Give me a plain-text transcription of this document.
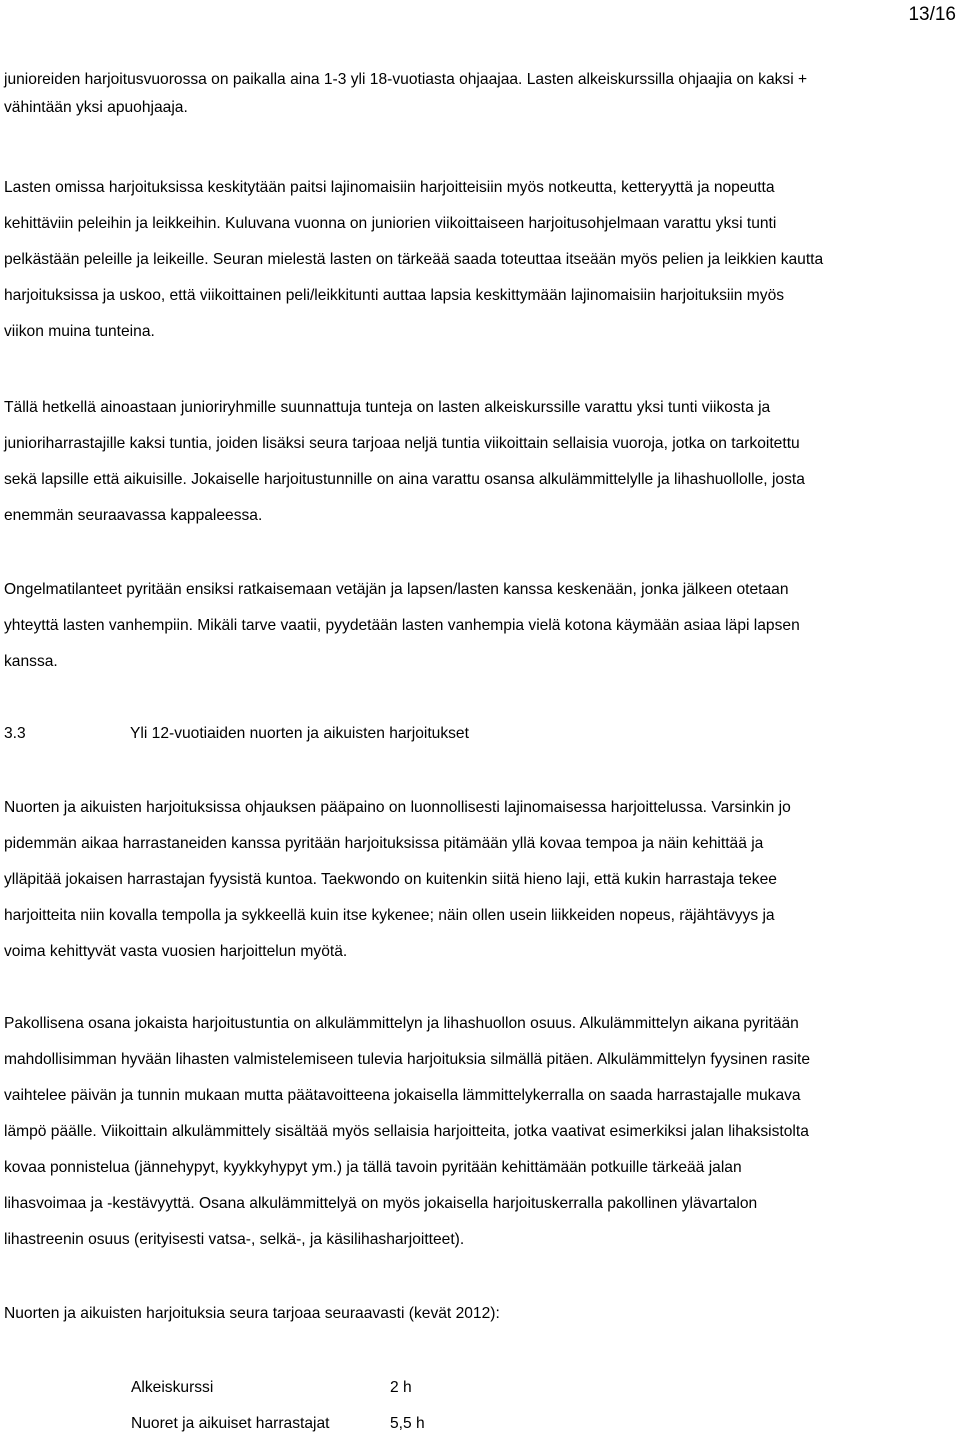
13/16

junioreiden harjoitusvuorossa on paikalla aina 1-3 yli 18-vuotiasta ohjaajaa. Lasten alkeiskurssilla ohjaajia on kaksi +
vähintään yksi apuohjaaja.

Lasten omissa harjoituksissa keskitytään paitsi lajinomaisiin harjoitteisiin myös notkeutta, ketteryyttä ja nopeutta
kehittäviin peleihin ja leikkeihin. Kuluvana vuonna on juniorien viikoittaiseen harjoitusohjelmaan varattu yksi tunti
pelkästään peleille ja leikeille. Seuran mielestä lasten on tärkeää saada toteuttaa itseään myös pelien ja leikkien kautta
harjoituksissa ja uskoo, että viikoittainen peli/leikkitunti auttaa lapsia keskittymään lajinomaisiin harjoituksiin myös
viikon muina tunteina.

Tällä hetkellä ainoastaan junioriryhmille suunnattuja tunteja on lasten alkeiskurssille varattu yksi tunti viikosta ja
junioriharrastajille kaksi tuntia, joiden lisäksi seura tarjoaa neljä tuntia viikoittain sellaisia vuoroja, jotka on tarkoitettu
sekä lapsille että aikuisille. Jokaiselle harjoitustunnille on aina varattu osansa alkulämmittelylle ja lihashuollolle, josta
enemmän seuraavassa kappaleessa.

Ongelmatilanteet pyritään ensiksi ratkaisemaan vetäjän ja lapsen/lasten kanssa keskenään, jonka jälkeen otetaan
yhteyttä lasten vanhempiin. Mikäli tarve vaatii, pyydetään lasten vanhempia vielä kotona käymään asiaa läpi lapsen
kanssa.

3.3	Yli 12-vuotiaiden nuorten ja aikuisten harjoitukset

Nuorten ja aikuisten harjoituksissa ohjauksen pääpaino on luonnollisesti lajinomaisessa harjoittelussa. Varsinkin jo
pidemmän aikaa harrastaneiden kanssa pyritään harjoituksissa pitämään yllä kovaa tempoa ja näin kehittää ja
ylläpitää jokaisen harrastajan fyysistä kuntoa. Taekwondo on kuitenkin siitä hieno laji, että kukin harrastaja tekee
harjoitteita niin kovalla tempolla ja sykkeellä kuin itse kykenee; näin ollen usein liikkeiden nopeus, räjähtävyys ja
voima kehittyvät vasta vuosien harjoittelun myötä.

Pakollisena osana jokaista harjoitustuntia on alkulämmittelyn ja lihashuollon osuus. Alkulämmittelyn aikana pyritään
mahdollisimman hyvään lihasten valmistelemiseen tulevia harjoituksia silmällä pitäen. Alkulämmittelyn fyysinen rasite
vaihtelee päivän ja tunnin mukaan mutta päätavoitteena jokaisella lämmittelykerralla on saada harrastajalle mukava
lämpö päälle. Viikoittain alkulämmittely sisältää myös sellaisia harjoitteita, jotka vaativat esimerkiksi jalan lihaksistolta
kovaa ponnistelua (jännehypyt, kyykkyhypyt ym.) ja tällä tavoin pyritään kehittämään potkuille tärkeää jalan
lihasvoimaa ja -kestävyyttä. Osana alkulämmittelyä on myös jokaisella harjoituskerralla pakollinen ylävartalon
lihastreenin osuus (erityisesti vatsa-, selkä-, ja käsilihasharjoitteet).

Nuorten ja aikuisten harjoituksia seura tarjoaa seuraavasti (kevät 2012):

Alkeiskurssi	2 h
Nuoret ja aikuiset harrastajat	5,5 h
